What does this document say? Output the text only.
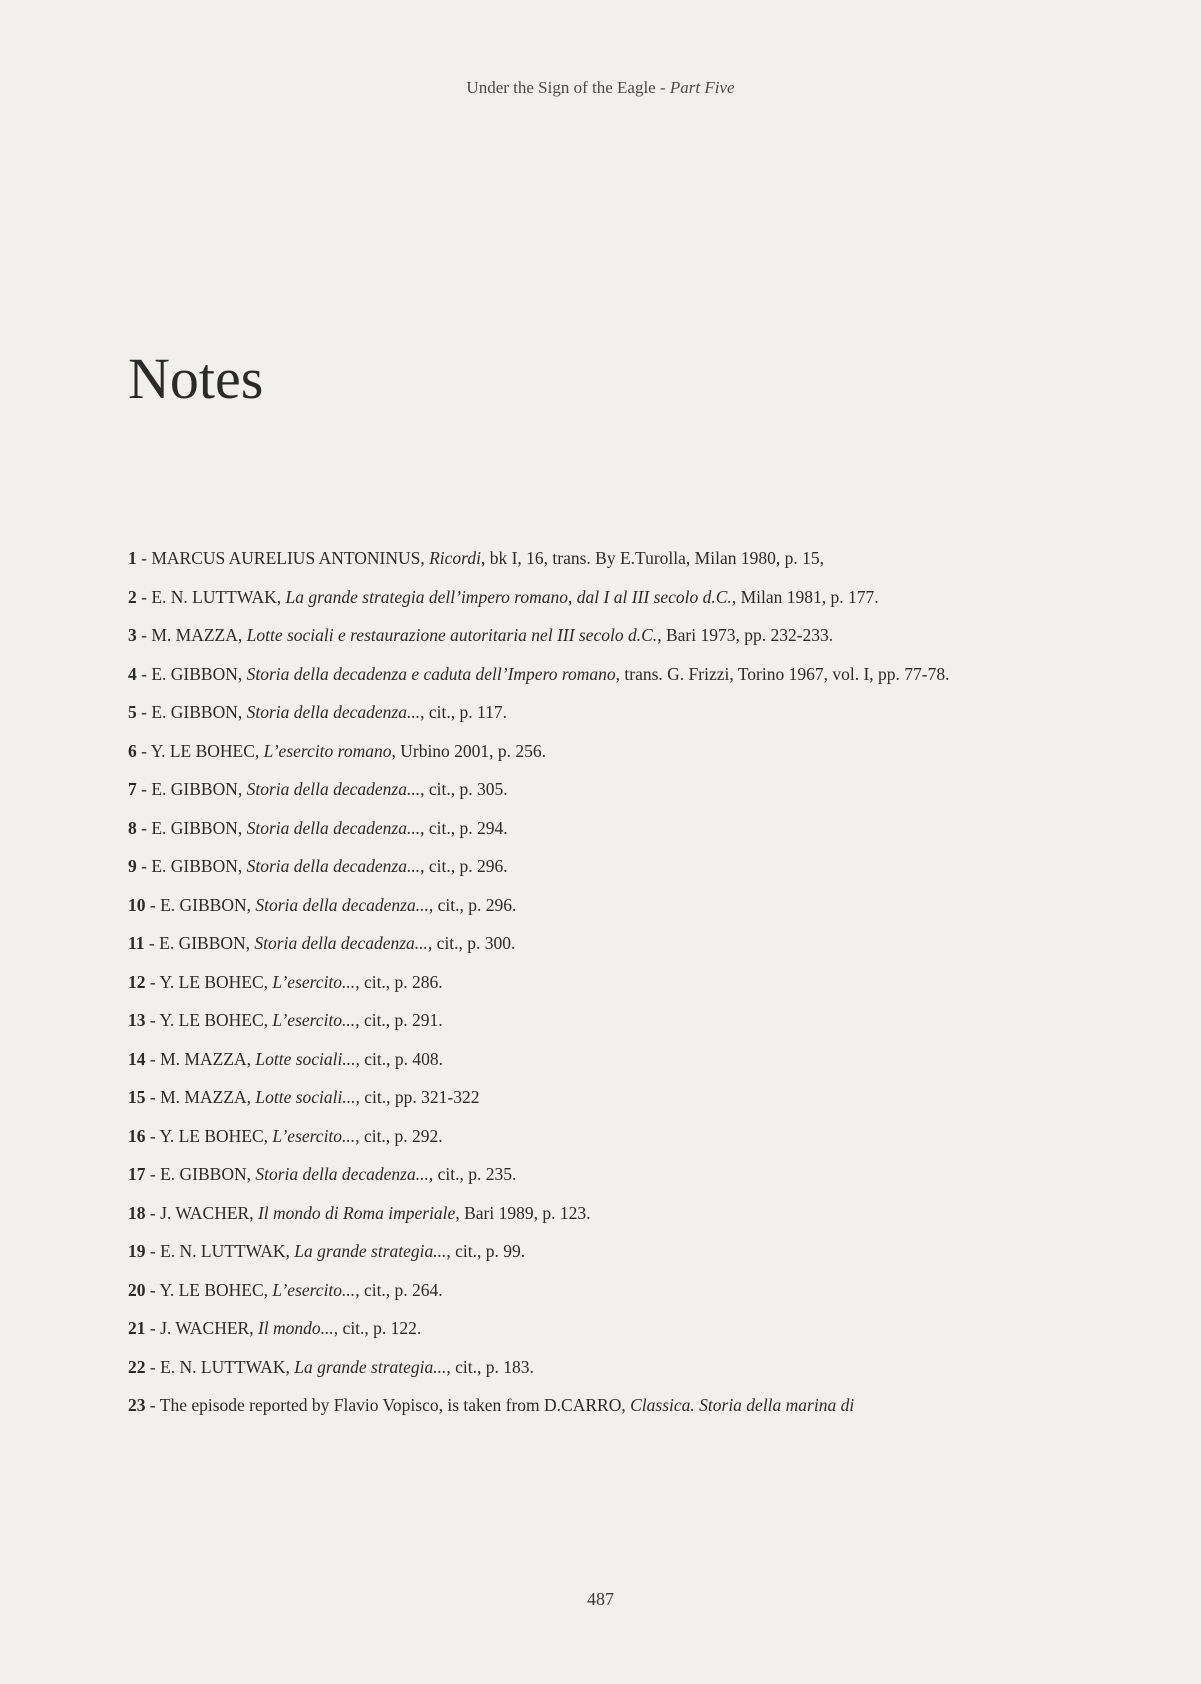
Under the Sign of the Eagle - Part Five
Notes
1 - MARCUS AURELIUS ANTONINUS, Ricordi, bk I, 16, trans. By E.Turolla, Milan 1980, p. 15,
2 - E. N. LUTTWAK, La grande strategia dell’impero romano, dal I al III secolo d.C., Milan 1981, p. 177.
3 - M. MAZZA, Lotte sociali e restaurazione autoritaria nel III secolo d.C., Bari 1973, pp. 232-233.
4 - E. GIBBON, Storia della decadenza e caduta dell’Impero romano, trans. G. Frizzi, Torino 1967, vol. I, pp. 77-78.
5 - E. GIBBON, Storia della decadenza..., cit., p. 117.
6 - Y. LE BOHEC, L’esercito romano, Urbino 2001, p. 256.
7 - E. GIBBON, Storia della decadenza..., cit., p. 305.
8 - E. GIBBON, Storia della decadenza..., cit., p. 294.
9 - E. GIBBON, Storia della decadenza..., cit., p. 296.
10 - E. GIBBON, Storia della decadenza..., cit., p. 296.
11 - E. GIBBON, Storia della decadenza..., cit., p. 300.
12 - Y. LE BOHEC, L’esercito..., cit., p. 286.
13 - Y. LE BOHEC, L’esercito..., cit., p. 291.
14 - M. MAZZA, Lotte sociali..., cit., p. 408.
15 - M. MAZZA, Lotte sociali..., cit., pp. 321-322
16 - Y. LE BOHEC, L’esercito..., cit., p. 292.
17 - E. GIBBON, Storia della decadenza..., cit., p. 235.
18 - J. WACHER, Il mondo di Roma imperiale, Bari 1989, p. 123.
19 - E. N. LUTTWAK, La grande strategia..., cit., p. 99.
20 - Y. LE BOHEC, L’esercito..., cit., p. 264.
21 - J. WACHER, Il mondo..., cit., p. 122.
22 - E. N. LUTTWAK, La grande strategia..., cit., p. 183.
23 - The episode reported by Flavio Vopisco, is taken from D.CARRO, Classica. Storia della marina di
487
